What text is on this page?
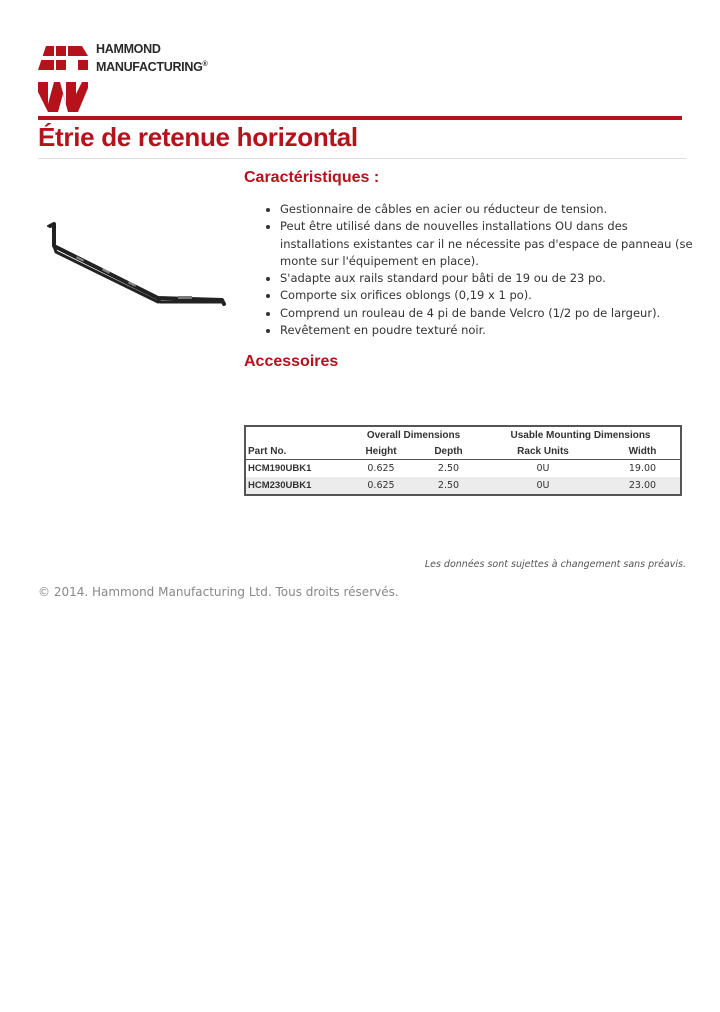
HAMMOND
MANUFACTURING®
Étrie de retenue horizontal
Caractéristiques :
• Gestionnaire de câbles en acier ou réducteur de tension.
• Peut être utilisé dans de nouvelles installations OU dans des installations existantes car il ne nécessite pas d'espace de panneau (se monte sur l'équipement en place).
• S'adapte aux rails standard pour bâti de 19 ou de 23 po.
• Comporte six orifices oblongs (0,19 x 1 po).
• Comprend un rouleau de 4 pi de bande Velcro (1/2 po de largeur).
• Revêtement en poudre texturé noir.
Accessoires
	Overall Dimensions		Usable Mounting Dimensions	
Part No.	Height	Depth	Rack Units	Width
HCM190UBK1	0.625	2.50	0U	19.00
HCM230UBK1	0.625	2.50	0U	23.00
Les données sont sujettes à changement sans préavis.
© 2014. Hammond Manufacturing Ltd. Tous droits réservés.
